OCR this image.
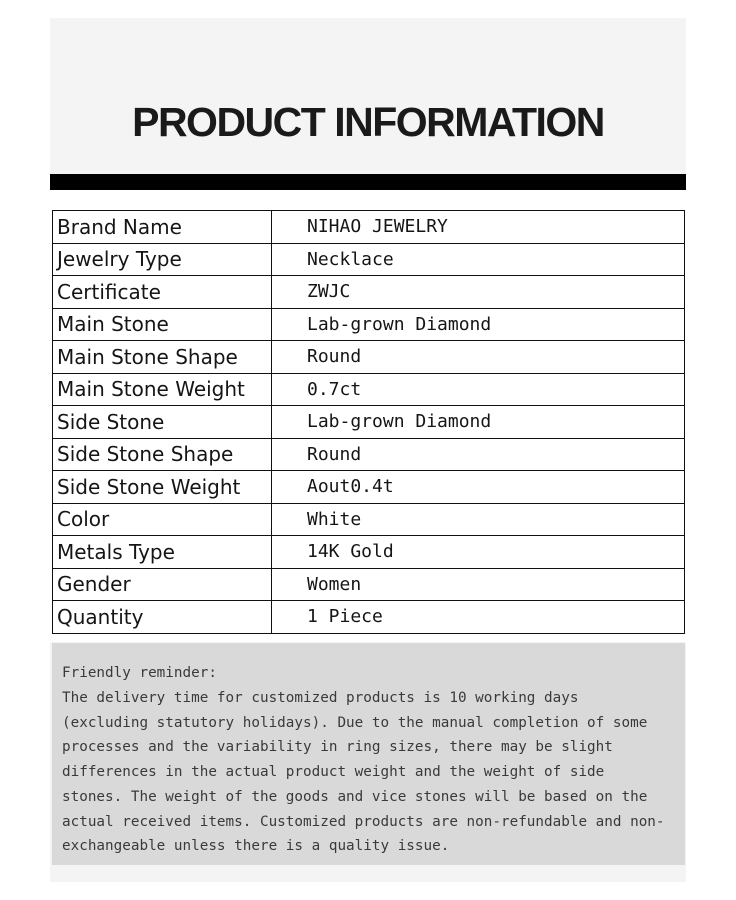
PRODUCT INFORMATION
Brand Name	NIHAO JEWELRY
Jewelry Type	Necklace
Certificate	ZWJC
Main Stone	Lab-grown Diamond
Main Stone Shape	Round
Main Stone Weight	0.7ct
Side Stone	Lab-grown Diamond
Side Stone Shape	Round
Side Stone Weight	Aout0.4t
Color	White
Metals Type	14K Gold
Gender	Women
Quantity	1 Piece

Friendly reminder:

The delivery time for customized products is 10 working days (excluding statutory holidays). Due to the manual completion of some processes and the variability in ring sizes, there may be slight differences in the actual product weight and the weight of side stones. The weight of the goods and vice stones will be based on the actual received items. Customized products are non-refundable and non-exchangeable unless there is a quality issue.
